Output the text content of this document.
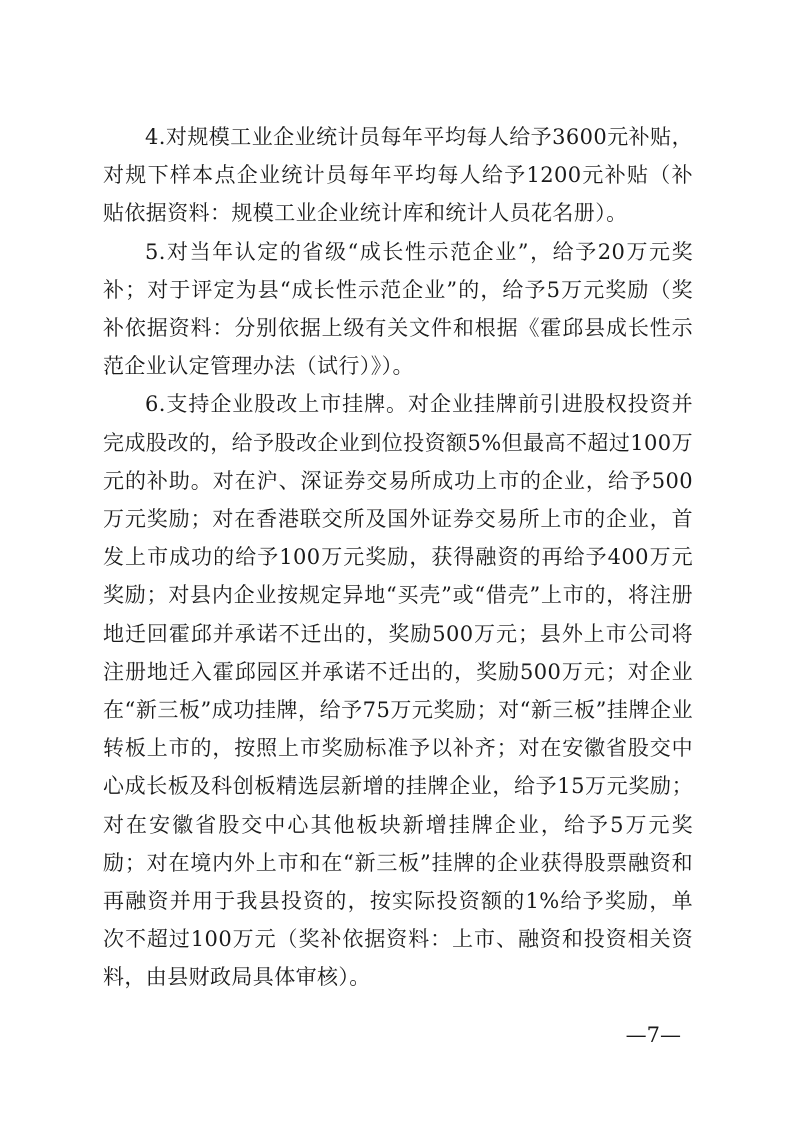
4.对规模工业企业统计员每年平均每人给予3600元补贴，对规下样本点企业统计员每年平均每人给予1200元补贴（补贴依据资料：规模工业企业统计库和统计人员花名册）。

5.对当年认定的省级“成长性示范企业”，给予20万元奖补；对于评定为县“成长性示范企业”的，给予5万元奖励（奖补依据资料：分别依据上级有关文件和根据《霍邱县成长性示范企业认定管理办法（试行）》）。

6.支持企业股改上市挂牌。对企业挂牌前引进股权投资并完成股改的，给予股改企业到位投资额5%但最高不超过100万元的补助。对在沪、深证券交易所成功上市的企业，给予500万元奖励；对在香港联交所及国外证券交易所上市的企业，首发上市成功的给予100万元奖励，获得融资的再给予400万元奖励；对县内企业按规定异地“买壳”或“借壳”上市的，将注册地迁回霍邱并承诺不迁出的，奖励500万元；县外上市公司将注册地迁入霍邱园区并承诺不迁出的，奖励500万元；对企业在“新三板”成功挂牌，给予75万元奖励；对“新三板”挂牌企业转板上市的，按照上市奖励标准予以补齐；对在安徽省股交中心成长板及科创板精选层新增的挂牌企业，给予15万元奖励；对在安徽省股交中心其他板块新增挂牌企业，给予5万元奖励；对在境内外上市和在“新三板”挂牌的企业获得股票融资和再融资并用于我县投资的，按实际投资额的1%给予奖励，单次不超过100万元（奖补依据资料：上市、融资和投资相关资料，由县财政局具体审核）。

—7—
